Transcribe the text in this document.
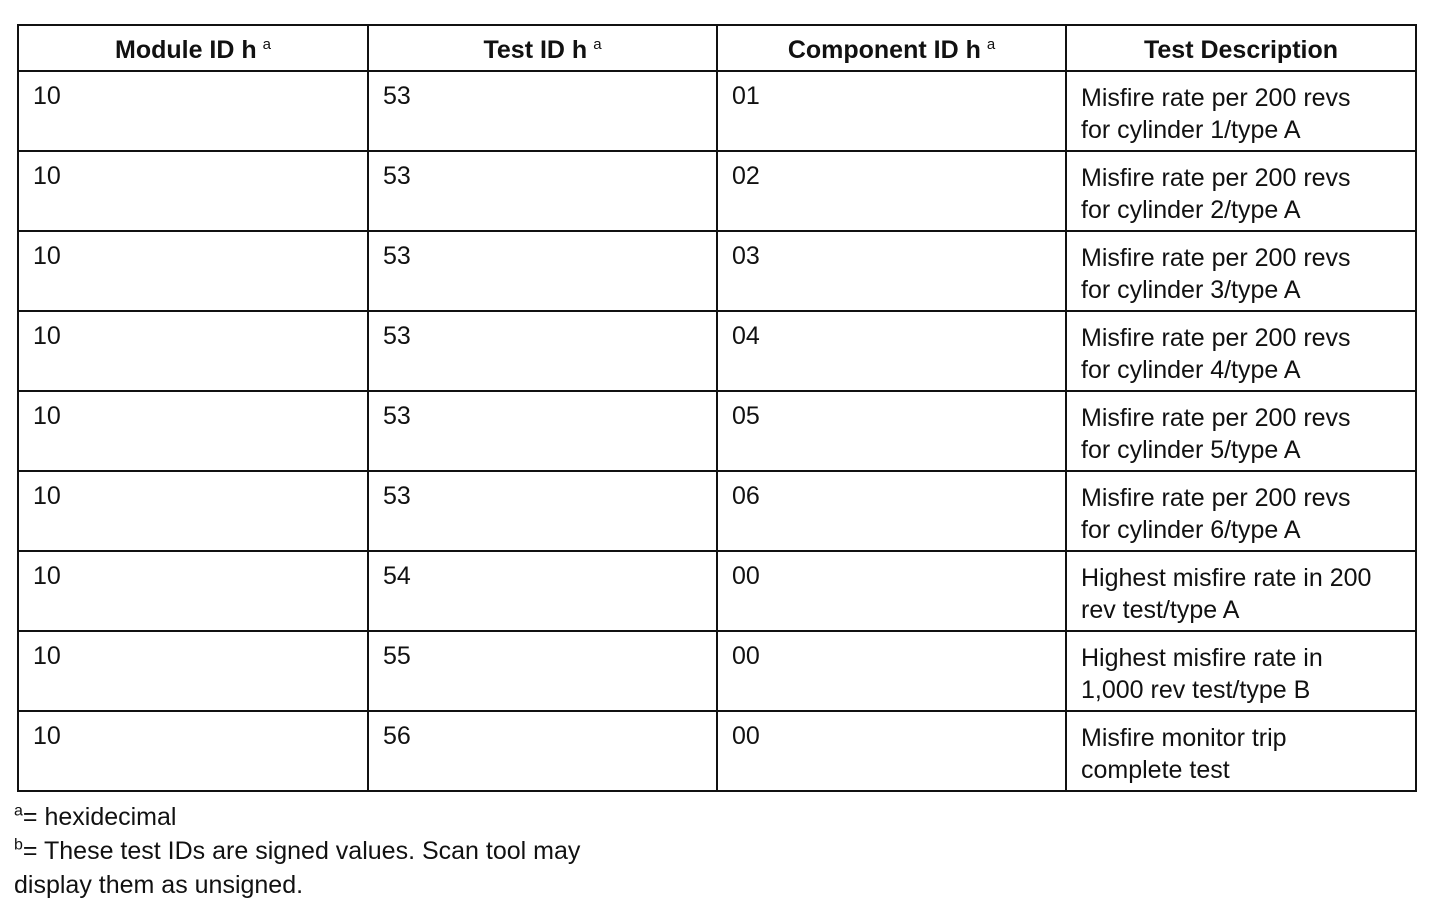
Module ID h $^a$	Test ID h $^a$	Component ID h $^a$	Test Description
10	53	01	Misfire rate per 200 revs
for cylinder 1/type A

10	53	02	Misfire rate per 200 revs
for cylinder 2/type A

10	53	03	Misfire rate per 200 revs
for cylinder 3/type A

10	53	04	Misfire rate per 200 revs
for cylinder 4/type A

10	53	05	Misfire rate per 200 revs
for cylinder 5/type A

10	53	06	Misfire rate per 200 revs
for cylinder 6/type A

10	54	00	Highest misfire rate in 200
rev test/type A

10	55	00	Highest misfire rate in
1,000 rev test/type B

10	56	00	Misfire monitor trip
complete test

$^a$= hexidecimal

$^b$= These test IDs are signed values. Scan tool may

display them as unsigned.
